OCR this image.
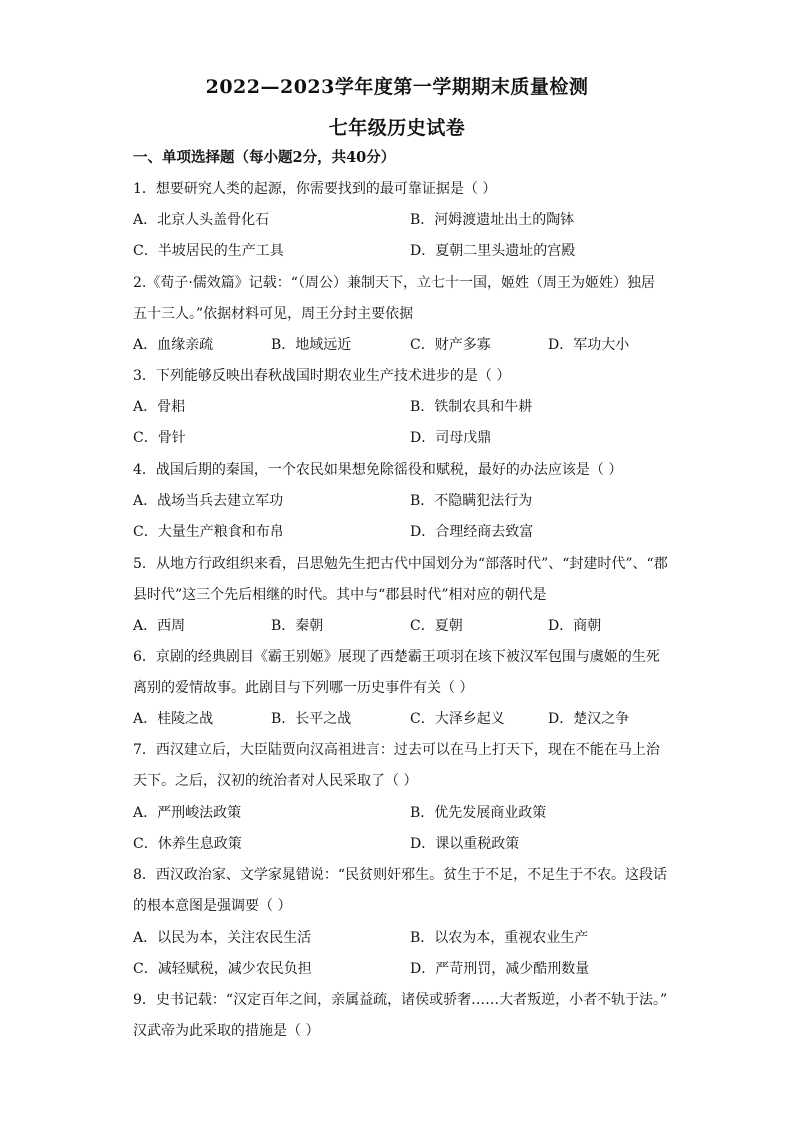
2022—2023学年度第一学期期末质量检测
七年级历史试卷
一、单项选择题（每小题2分，共40分）
1．想要研究人类的起源，你需要找到的最可靠证据是（ ）
A．北京人头盖骨化石	B．河姆渡遗址出土的陶钵
C．半坡居民的生产工具	D．夏朝二里头遗址的宫殿
2.《荀子·儒效篇》记载：“（周公）兼制天下，立七十一国，姬姓（周王为姬姓）独居
五十三人。”依据材料可见，周王分封主要依据
A．血缘亲疏	B．地域远近	C．财产多寡	D．军功大小
3．下列能够反映出春秋战国时期农业生产技术进步的是（ ）
A．骨耜	B．铁制农具和牛耕
C．骨针	D．司母戊鼎
4．战国后期的秦国，一个农民如果想免除徭役和赋税，最好的办法应该是（ ）
A．战场当兵去建立军功	B．不隐瞒犯法行为
C．大量生产粮食和布帛	D．合理经商去致富
5．从地方行政组织来看，吕思勉先生把古代中国划分为“部落时代”、“封建时代”、“郡
县时代”这三个先后相继的时代。其中与“郡县时代”相对应的朝代是
A．西周	B．秦朝	C．夏朝	D．商朝
6．京剧的经典剧目《霸王别姬》展现了西楚霸王项羽在垓下被汉军包围与虞姬的生死
离别的爱情故事。此剧目与下列哪一历史事件有关（ ）
A．桂陵之战	B．长平之战	C．大泽乡起义	D．楚汉之争
7．西汉建立后，大臣陆贾向汉高祖进言：过去可以在马上打天下，现在不能在马上治
天下。之后，汉初的统治者对人民采取了（ ）
A．严刑峻法政策	B．优先发展商业政策
C．休养生息政策	D．课以重税政策
8．西汉政治家、文学家晁错说：“民贫则奸邪生。贫生于不足，不足生于不农。这段话
的根本意图是强调要（ ）
A．以民为本，关注农民生活	B．以农为本，重视农业生产
C．减轻赋税，减少农民负担	D．严苛刑罚，减少酷刑数量
9．史书记载：“汉定百年之间，亲属益疏，诸侯或骄奢……大者叛逆，小者不轨于法。”
汉武帝为此采取的措施是（ ）
